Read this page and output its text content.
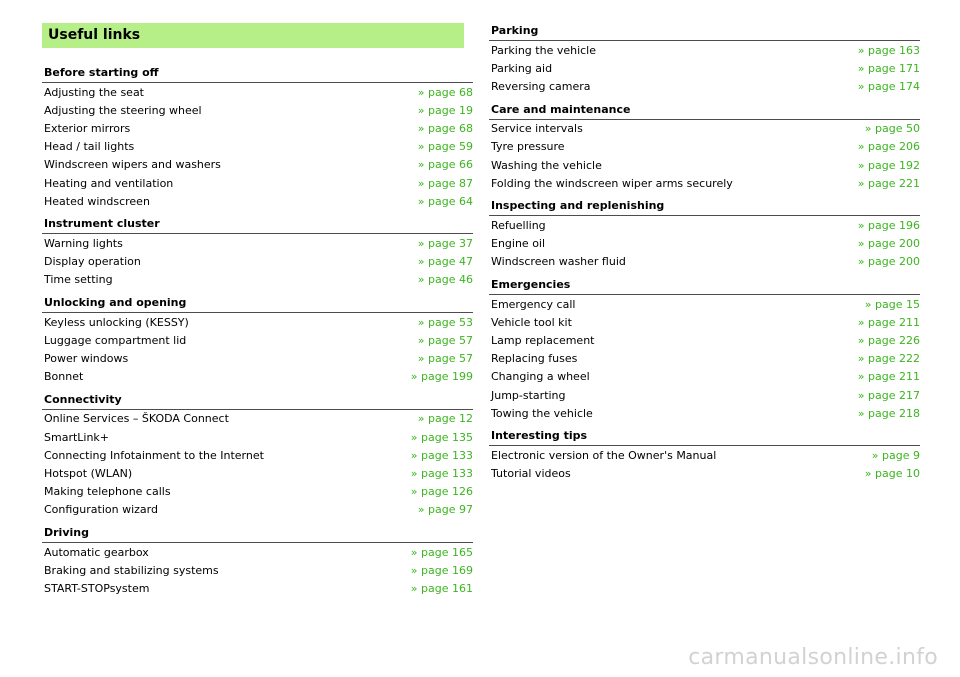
Useful links
Before starting off
Adjusting the seat	» page 68
Adjusting the steering wheel	» page 19
Exterior mirrors	» page 68
Head / tail lights	» page 59
Windscreen wipers and washers	» page 66
Heating and ventilation	» page 87
Heated windscreen	» page 64
Instrument cluster
Warning lights	» page 37
Display operation	» page 47
Time setting	» page 46
Unlocking and opening
Keyless unlocking (KESSY)	» page 53
Luggage compartment lid	» page 57
Power windows	» page 57
Bonnet	» page 199
Connectivity
Online Services – ŠKODA Connect	» page 12
SmartLink+	» page 135
Connecting Infotainment to the Internet	» page 133
Hotspot (WLAN)	» page 133
Making telephone calls	» page 126
Configuration wizard	» page 97
Driving
Automatic gearbox	» page 165
Braking and stabilizing systems	» page 169
START-STOPsystem	» page 161
Parking
Parking the vehicle	» page 163
Parking aid	» page 171
Reversing camera	» page 174
Care and maintenance
Service intervals	» page 50
Tyre pressure	» page 206
Washing the vehicle	» page 192
Folding the windscreen wiper arms securely	» page 221
Inspecting and replenishing
Refuelling	» page 196
Engine oil	» page 200
Windscreen washer fluid	» page 200
Emergencies
Emergency call	» page 15
Vehicle tool kit	» page 211
Lamp replacement	» page 226
Replacing fuses	» page 222
Changing a wheel	» page 211
Jump-starting	» page 217
Towing the vehicle	» page 218
Interesting tips
Electronic version of the Owner's Manual	» page 9
Tutorial videos	» page 10
carmanualsonline.info
